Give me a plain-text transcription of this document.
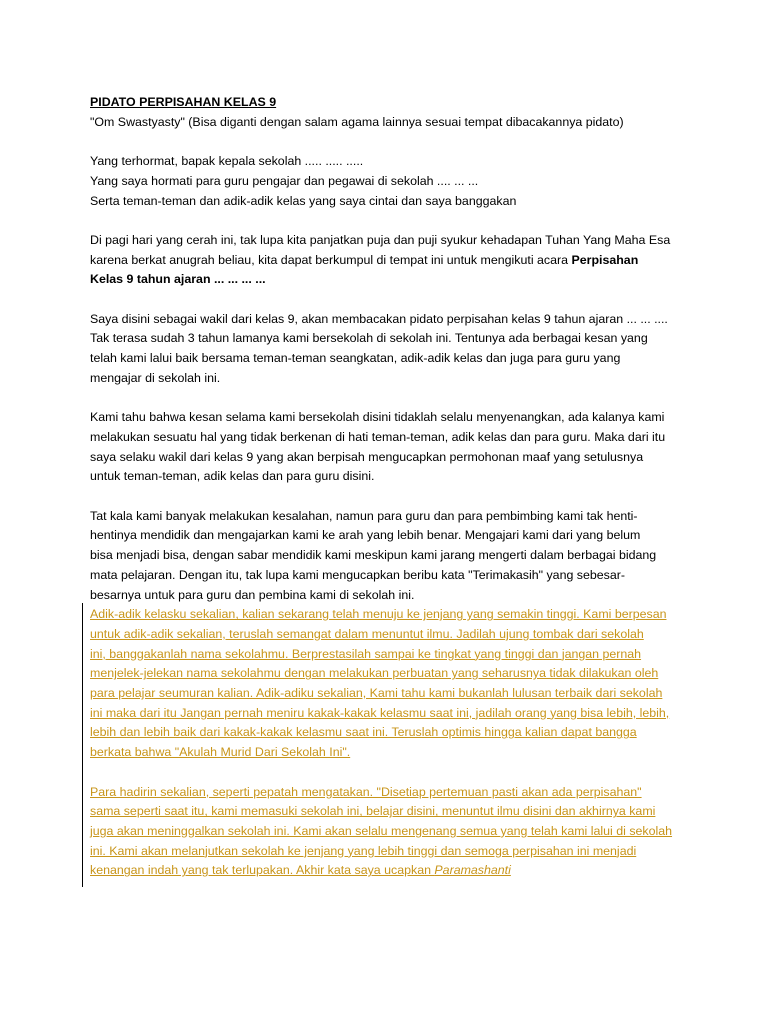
PIDATO PERPISAHAN KELAS 9
"Om Swastyasty" (Bisa diganti dengan salam agama lainnya sesuai tempat dibacakannya pidato)
Yang terhormat, bapak kepala sekolah ..... ..... .....
Yang saya hormati para guru pengajar dan pegawai di sekolah .... ... ...
Serta teman-teman dan adik-adik kelas yang saya cintai dan saya banggakan
Di pagi hari yang cerah ini, tak lupa kita panjatkan puja dan puji syukur kehadapan Tuhan Yang Maha Esa
karena berkat anugrah beliau, kita dapat berkumpul di tempat ini untuk mengikuti acara Perpisahan
Kelas 9 tahun ajaran ... ... ... ...
Saya disini sebagai wakil dari kelas 9, akan membacakan pidato perpisahan kelas 9 tahun ajaran ... ... ....
Tak terasa sudah 3 tahun lamanya kami bersekolah di sekolah ini. Tentunya ada berbagai kesan yang
telah kami lalui baik bersama teman-teman seangkatan, adik-adik kelas dan juga para guru yang
mengajar di sekolah ini.
Kami tahu bahwa kesan selama kami bersekolah disini tidaklah selalu menyenangkan, ada kalanya kami
melakukan sesuatu hal yang tidak berkenan di hati teman-teman, adik kelas dan para guru. Maka dari itu
saya selaku wakil dari kelas 9 yang akan berpisah mengucapkan permohonan maaf yang setulusnya
untuk teman-teman, adik kelas dan para guru disini.
Tat kala kami banyak melakukan kesalahan, namun para guru dan para pembimbing kami tak henti-
hentinya mendidik dan mengajarkan kami ke arah yang lebih benar. Mengajari kami dari yang belum
bisa menjadi bisa, dengan sabar mendidik kami meskipun kami jarang mengerti dalam berbagai bidang
mata pelajaran. Dengan itu, tak lupa kami mengucapkan beribu kata "Terimakasih" yang sebesar-
besarnya untuk para guru dan pembina kami di sekolah ini.
Adik-adik kelasku sekalian, kalian sekarang telah menuju ke jenjang yang semakin tinggi. Kami berpesan
untuk adik-adik sekalian, teruslah semangat dalam menuntut ilmu. Jadilah ujung tombak dari sekolah
ini, banggakanlah nama sekolahmu. Berprestasilah sampai ke tingkat yang tinggi dan jangan pernah
menjelek-jelekan nama sekolahmu dengan melakukan perbuatan yang seharusnya tidak dilakukan oleh
para pelajar seumuran kalian. Adik-adiku sekalian, Kami tahu kami bukanlah lulusan terbaik dari sekolah
ini maka dari itu Jangan pernah meniru kakak-kakak kelasmu saat ini, jadilah orang yang bisa lebih, lebih,
lebih dan lebih baik dari kakak-kakak kelasmu saat ini. Teruslah optimis hingga kalian dapat bangga
berkata bahwa "Akulah Murid Dari Sekolah Ini".
Para hadirin sekalian, seperti pepatah mengatakan. "Disetiap pertemuan pasti akan ada perpisahan"
sama seperti saat itu, kami memasuki sekolah ini, belajar disini, menuntut ilmu disini dan akhirnya kami
juga akan meninggalkan sekolah ini. Kami akan selalu mengenang semua yang telah kami lalui di sekolah
ini. Kami akan melanjutkan sekolah ke jenjang yang lebih tinggi dan semoga perpisahan ini menjadi
kenangan indah yang tak terlupakan. Akhir kata saya ucapkan Paramashanti
